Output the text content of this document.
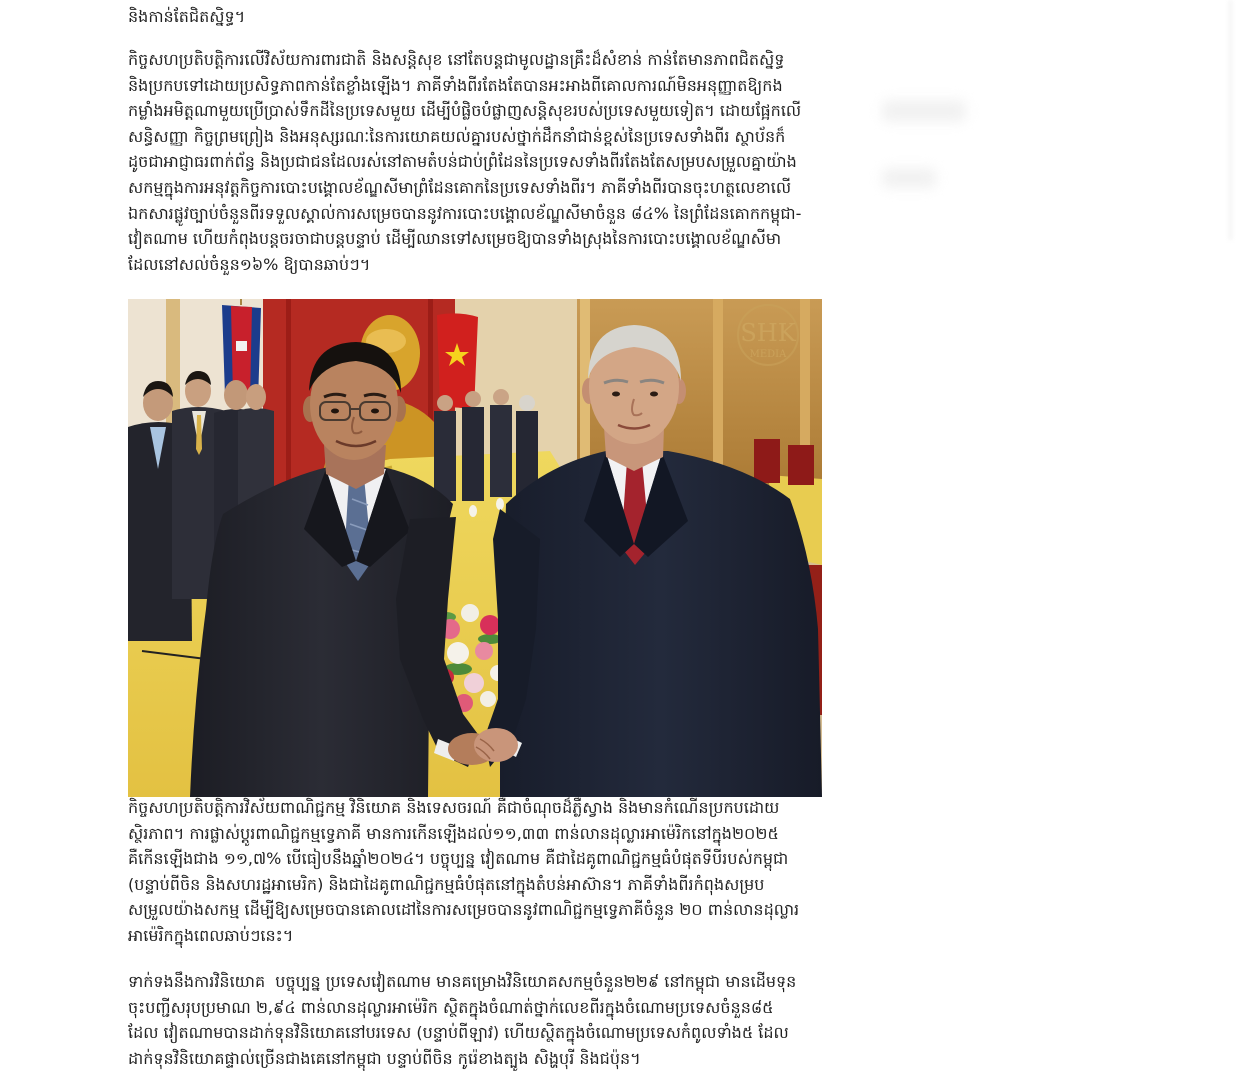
និងកាន់តែជិតស្និទ្ធ។
កិច្ចសហប្រតិបត្តិការលើវិស័យការពារជាតិ និងសន្តិសុខ នៅតែបន្តជាមូលដ្ឋានគ្រឹះដ៏សំខាន់ កាន់តែមានភាពជិតស្និទ្ធ
និងប្រកបទៅដោយប្រសិទ្ធភាពកាន់តែខ្លាំងឡើង។ ភាគីទាំងពីរតែងតែបានអះអាងពីគោលការណ៍មិនអនុញ្ញាតឱ្យកង
កម្លាំងអមិត្តណាមួយប្រើប្រាស់ទឹកដីនៃប្រទេសមួយ ដើម្បីបំផ្លិចបំផ្លាញសន្តិសុខរបស់ប្រទេសមួយទៀត។ ដោយផ្អែកលើ
សន្ធិសញ្ញា កិច្ចព្រមព្រៀង និងអនុស្សរណៈនៃការយោគយល់គ្នារបស់ថ្នាក់ដឹកនាំជាន់ខ្ពស់នៃប្រទេសទាំងពីរ ស្ថាប័នក៏
ដូចជាអាជ្ញាធរពាក់ព័ន្ធ និងប្រជាជនដែលរស់នៅតាមតំបន់ជាប់ព្រំដែននៃប្រទេសទាំងពីរតែងតែសម្របសម្រួលគ្នាយ៉ាង
សកម្មក្នុងការអនុវត្តកិច្ចការបោះបង្គោលខ័ណ្ឌសីមាព្រំដែនគោកនៃប្រទេសទាំងពីរ។ ភាគីទាំងពីរបានចុះហត្ថលេខាលើ
ឯកសារផ្លូវច្បាប់ចំនួនពីរទទួលស្គាល់ការសម្រេចបាននូវការបោះបង្គោលខ័ណ្ឌសីមាចំនួន ៨៤% នៃព្រំដែនគោកកម្ពុជា-
វៀតណាម ហើយកំពុងបន្តចរចាជាបន្តបន្ទាប់ ដើម្បីឈានទៅសម្រេចឱ្យបានទាំងស្រុងនៃការបោះបង្គោលខ័ណ្ឌសីមា
ដែលនៅសល់ចំនួន១៦% ឱ្យបានឆាប់ៗ។
SHK
MEDIA
កិច្ចសហប្រតិបត្តិការវិស័យពាណិជ្ជកម្ម វិនិយោគ និងទេសចរណ៍ គឺជាចំណុចដ៏ភ្លឺស្វាង និងមានកំណើនប្រកបដោយ
ស្ថិរភាព។ ការផ្លាស់ប្តូរពាណិជ្ជកម្មទ្វេភាគី មានការកើនឡើងដល់១១,៣៣ ពាន់លានដុល្លារអាម៉េរិកនៅក្នុង២០២៥
គឺកើនឡើងជាង ១១,៧% បើធៀបនឹងឆ្នាំ២០២៤។ បច្ចុប្បន្ន វៀតណាម គឺជាដៃគូពាណិជ្ជកម្មធំបំផុតទីបីរបស់កម្ពុជា
(បន្ទាប់ពីចិន និងសហរដ្ឋអាមេរិក) និងជាដៃគូពាណិជ្ជកម្មធំបំផុតនៅក្នុងតំបន់អាស៊ាន។ ភាគីទាំងពីរកំពុងសម្រប
សម្រួលយ៉ាងសកម្ម ដើម្បីឱ្យសម្រេចបានគោលដៅនៃការសម្រេចបាននូវពាណិជ្ជកម្មទ្វេភាគីចំនួន ២០ ពាន់លានដុល្លារ
អាម៉េរិកក្នុងពេលឆាប់ៗនេះ។
ទាក់ទងនឹងការវិនិយោគ  បច្ចុប្បន្ន ប្រទេសវៀតណាម មានគម្រោងវិនិយោគសកម្មចំនួន២២៩ នៅកម្ពុជា មានដើមទុន
ចុះបញ្ជីសរុបប្រមាណ ២,៩៤ ពាន់លានដុល្លារអាម៉េរិក ស្ថិតក្នុងចំណាត់ថ្នាក់លេខពីរក្នុងចំណោមប្រទេសចំនួន៨៥
ដែល វៀតណាមបានដាក់ទុនវិនិយោគនៅបរទេស (បន្ទាប់ពីឡាវ) ហើយស្ថិតក្នុងចំណោមប្រទេសកំពូលទាំង៥ ដែល
ដាក់ទុនវិនិយោគផ្ទាល់ច្រើនជាងគេនៅកម្ពុជា បន្ទាប់ពីចិន កូរ៉េខាងត្បូង សិង្ហបុរី និងជប៉ុន។
